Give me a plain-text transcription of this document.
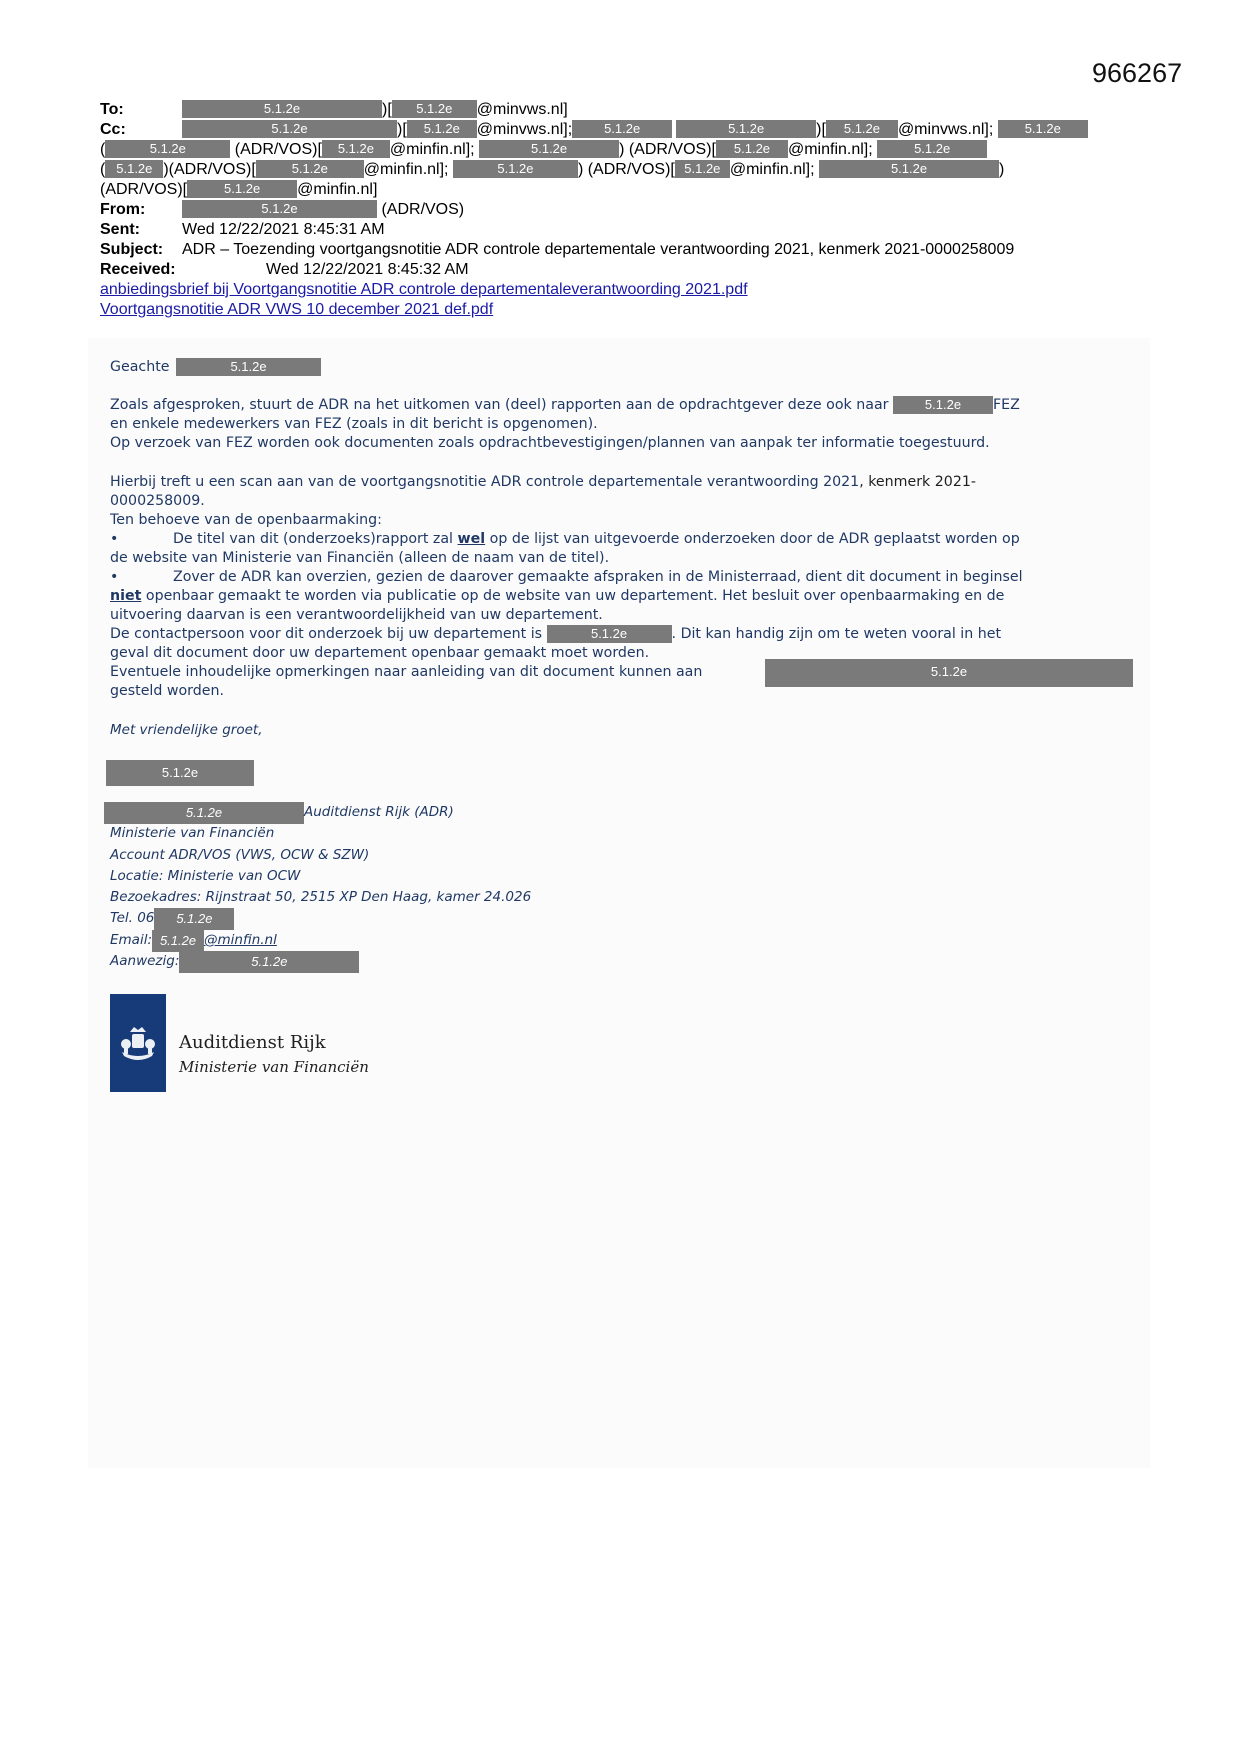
966267
To:	5.1.2e	)[ 5.1.2e @minvws.nl]
Cc:	5.1.2e	)[ 5.1.2e @minvws.nl]; 5.1.2e	5.1.2e	)[ 5.1.2e @minvws.nl]; 5.1.2e
(	5.1.2e	(ADR/VOS)[ 5.1.2e @minfin.nl];	5.1.2e	) (ADR/VOS)[ 5.1.2e @minfin.nl];	5.1.2e
( 5.1.2e )(ADR/VOS)[	5.1.2e @minfin.nl];	5.1.2e	) (ADR/VOS)[ 5.1.2e @minfin.nl];	5.1.2e	)
(ADR/VOS)[	5.1.2e @minfin.nl]
From:	5.1.2e	(ADR/VOS)
Sent:	Wed 12/22/2021 8:45:31 AM
Subject: ADR – Toezending voortgangsnotitie ADR controle departementale verantwoording 2021, kenmerk 2021-0000258009
Received:	Wed 12/22/2021 8:45:32 AM
anbiedingsbrief bij Voortgangsnotitie ADR controle departementaleverantwoording 2021.pdf
Voortgangsnotitie ADR VWS 10 december 2021 def.pdf
Geachte	5.1.2e
Zoals afgesproken, stuurt de ADR na het uitkomen van (deel) rapporten aan de opdrachtgever deze ook naar	5.1.2e FEZ
en enkele medewerkers van FEZ (zoals in dit bericht is opgenomen).
Op verzoek van FEZ worden ook documenten zoals opdrachtbevestigingen/plannen van aanpak ter informatie toegestuurd.
Hierbij treft u een scan aan van de voortgangsnotitie ADR controle departementale verantwoording 2021, kenmerk 2021-
0000258009.
Ten behoeve van de openbaarmaking:
•	De titel van dit (onderzoeks)rapport zal wel op de lijst van uitgevoerde onderzoeken door de ADR geplaatst worden op
de website van Ministerie van Financiën (alleen de naam van de titel).
•	Zover de ADR kan overzien, gezien de daarover gemaakte afspraken in de Ministerraad, dient dit document in beginsel
niet openbaar gemaakt te worden via publicatie op de website van uw departement. Het besluit over openbaarmaking en de
uitvoering daarvan is een verantwoordelijkheid van uw departement.
De contactpersoon voor dit onderzoek bij uw departement is	5.1.2e	. Dit kan handig zijn om te weten vooral in het
geval dit document door uw departement openbaar gemaakt moet worden.
Eventuele inhoudelijke opmerkingen naar aanleiding van dit document kunnen aan	5.1.2e
gesteld worden.
Met vriendelijke groet,
5.1.2e
5.1.2e	Auditdienst Rijk (ADR)
Ministerie van Financiën
Account ADR/VOS (VWS, OCW & SZW)
Locatie: Ministerie van OCW
Bezoekadres: Rijnstraat 50, 2515 XP Den Haag, kamer 24.026
Tel. 06 5.1.2e
Email: 5.1.2e @minfin.nl
Aanwezig:	5.1.2e
Auditdienst Rijk
Ministerie van Financiën
